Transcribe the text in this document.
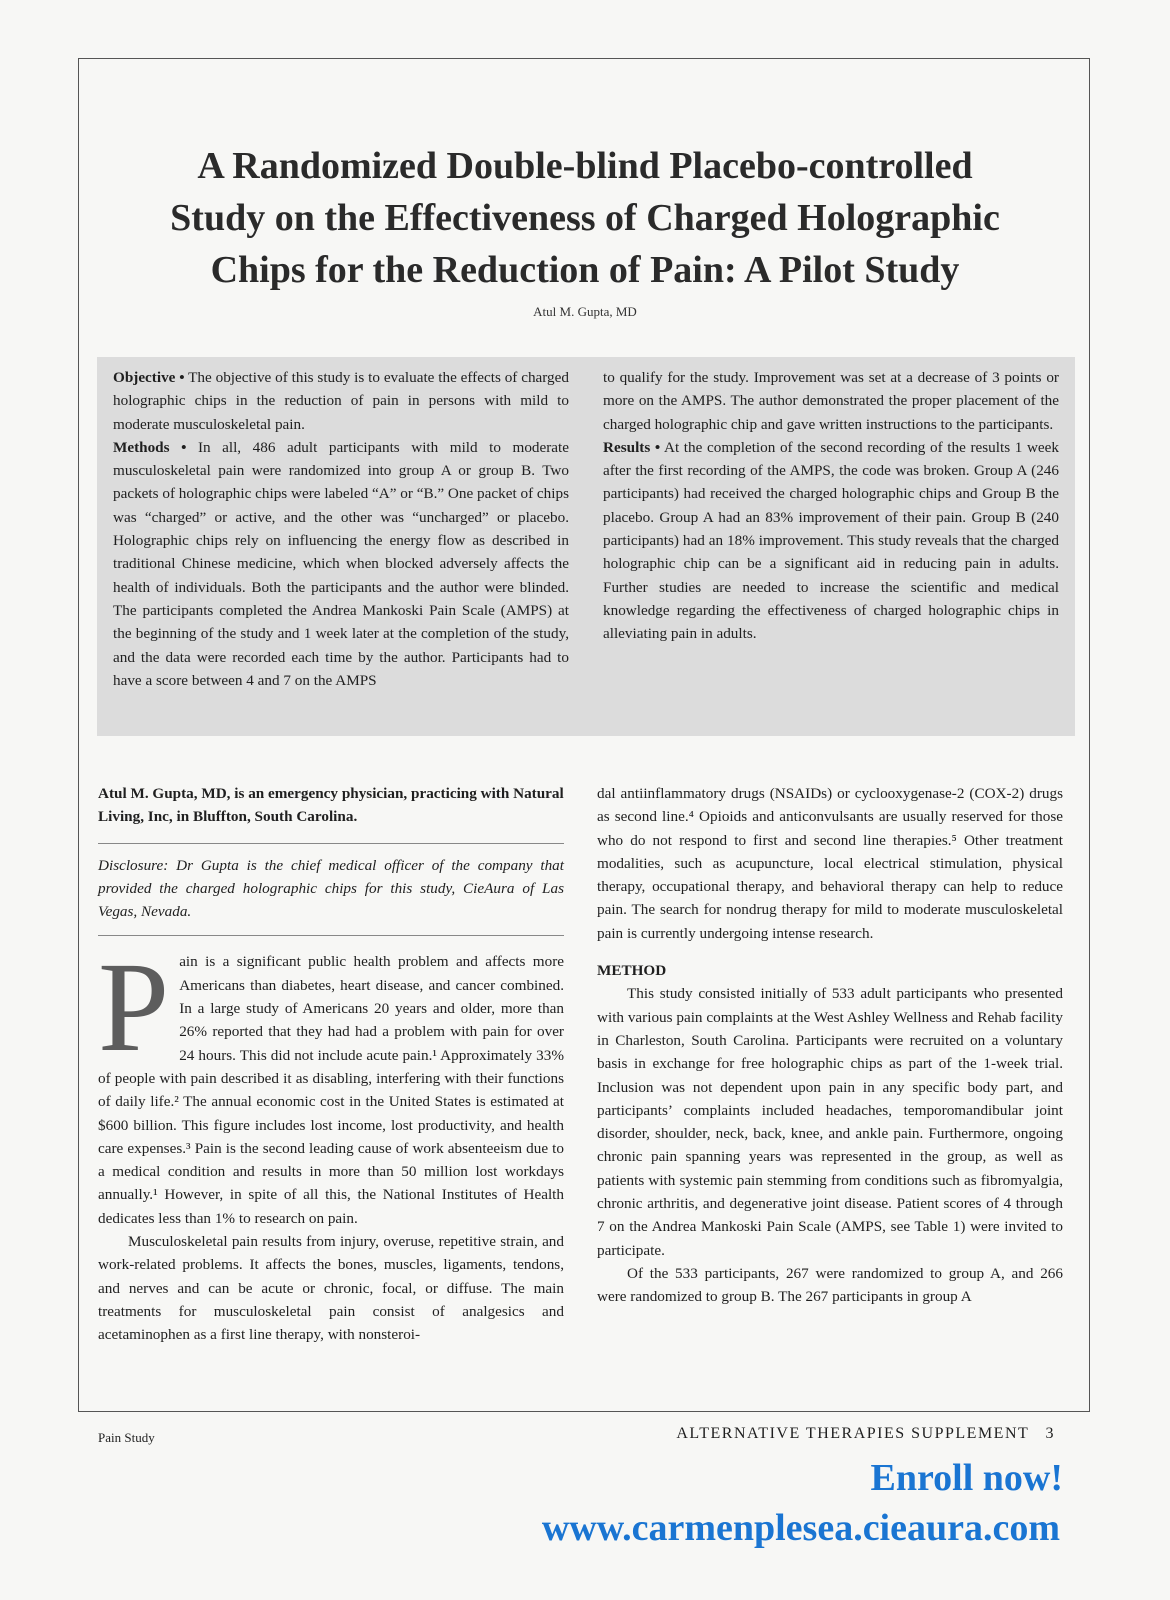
A Randomized Double-blind Placebo-controlled
Study on the Effectiveness of Charged Holographic
Chips for the Reduction of Pain: A Pilot Study
Atul M. Gupta, MD

Objective • The objective of this study is to evaluate the effects of charged holographic chips in the reduction of pain in persons with mild to moderate musculoskeletal pain.

Methods • In all, 486 adult participants with mild to moderate musculoskeletal pain were randomized into group A or group B. Two packets of holographic chips were labeled “A” or “B.” One packet of chips was “charged” or active, and the other was “uncharged” or placebo. Holographic chips rely on influencing the energy flow as described in traditional Chinese medicine, which when blocked adversely affects the health of individuals. Both the participants and the author were blinded. The participants completed the Andrea Mankoski Pain Scale (AMPS) at the beginning of the study and 1 week later at the completion of the study, and the data were recorded each time by the author. Participants had to have a score between 4 and 7 on the AMPS

to qualify for the study. Improvement was set at a decrease of 3 points or more on the AMPS. The author demonstrated the proper placement of the charged holographic chip and gave written instructions to the participants.

Results • At the completion of the second recording of the results 1 week after the first recording of the AMPS, the code was broken. Group A (246 participants) had received the charged holographic chips and Group B the placebo. Group A had an 83% improvement of their pain. Group B (240 participants) had an 18% improvement. This study reveals that the charged holographic chip can be a significant aid in reducing pain in adults. Further studies are needed to increase the scientific and medical knowledge regarding the effectiveness of charged holographic chips in alleviating pain in adults.

Atul M. Gupta, MD, is an emergency physician, practicing with Natural Living, Inc, in Bluffton, South Carolina.

Disclosure: Dr Gupta is the chief medical officer of the company that provided the charged holographic chips for this study, CieAura of Las Vegas, Nevada.

Pain is a significant public health problem and affects more Americans than diabetes, heart disease, and cancer combined. In a large study of Americans 20 years and older, more than 26% reported that they had had a problem with pain for over 24 hours. This did not include acute pain.¹ Approximately 33% of people with pain described it as disabling, interfering with their functions of daily life.² The annual economic cost in the United States is estimated at $600 billion. This figure includes lost income, lost productivity, and health care expenses.³ Pain is the second leading cause of work absenteeism due to a medical condition and results in more than 50 million lost workdays annually.¹ However, in spite of all this, the National Institutes of Health dedicates less than 1% to research on pain.

Musculoskeletal pain results from injury, overuse, repetitive strain, and work-related problems. It affects the bones, muscles, ligaments, tendons, and nerves and can be acute or chronic, focal, or diffuse. The main treatments for musculoskeletal pain consist of analgesics and acetaminophen as a first line therapy, with nonsteroi-

dal antiinflammatory drugs (NSAIDs) or cyclooxygenase-2 (COX-2) drugs as second line.⁴ Opioids and anticonvulsants are usually reserved for those who do not respond to first and second line therapies.⁵ Other treatment modalities, such as acupuncture, local electrical stimulation, physical therapy, occupational therapy, and behavioral therapy can help to reduce pain. The search for nondrug therapy for mild to moderate musculoskeletal pain is currently undergoing intense research.

METHOD

This study consisted initially of 533 adult participants who presented with various pain complaints at the West Ashley Wellness and Rehab facility in Charleston, South Carolina. Participants were recruited on a voluntary basis in exchange for free holographic chips as part of the 1-week trial. Inclusion was not dependent upon pain in any specific body part, and participants’ complaints included headaches, temporomandibular joint disorder, shoulder, neck, back, knee, and ankle pain. Furthermore, ongoing chronic pain spanning years was represented in the group, as well as patients with systemic pain stemming from conditions such as fibromyalgia, chronic arthritis, and degenerative joint disease. Patient scores of 4 through 7 on the Andrea Mankoski Pain Scale (AMPS, see Table 1) were invited to participate.

Of the 533 participants, 267 were randomized to group A, and 266 were randomized to group B. The 267 participants in group A

Pain Study	ALTERNATIVE THERAPIES SUPPLEMENT   3
Enroll now!
www.carmenplesea.cieaura.com
